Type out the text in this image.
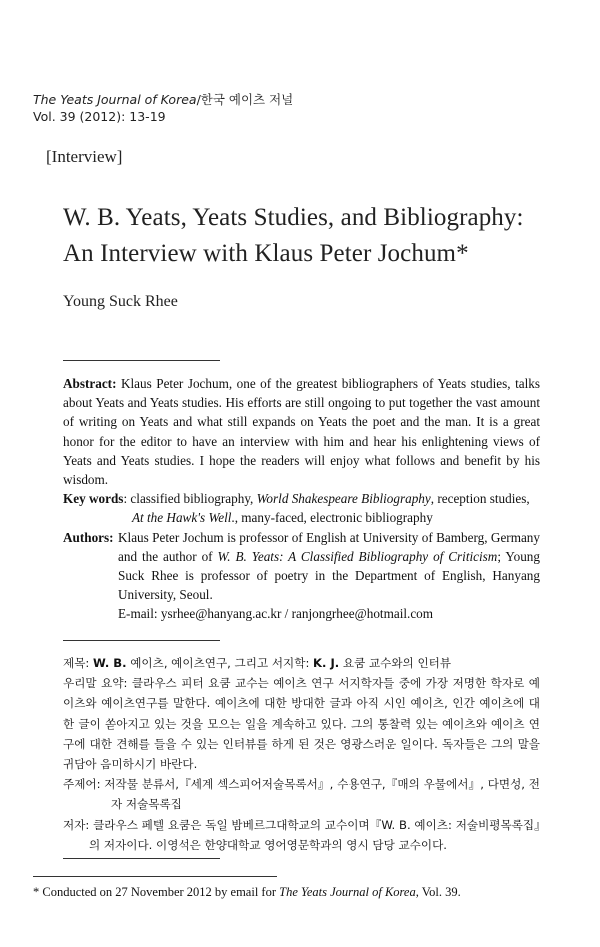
The Yeats Journal of Korea/한국 예이츠 저널
Vol. 39 (2012): 13-19
[Interview]
W. B. Yeats, Yeats Studies, and Bibliography:
An Interview with Klaus Peter Jochum*
Young Suck Rhee

Abstract: Klaus Peter Jochum, one of the greatest bibliographers of Yeats studies, talks about Yeats and Yeats studies. His efforts are still ongoing to put together the vast amount of writing on Yeats and what still expands on Yeats the poet and the man. It is a great honor for the editor to have an interview with him and hear his enlightening views of Yeats and Yeats studies. I hope the readers will enjoy what follows and benefit by his wisdom.

Key words: classified bibliography, World Shakespeare Bibliography, reception studies,

At the Hawk's Well., many-faced, electronic bibliography

Authors: Klaus Peter Jochum is professor of English at University of Bamberg, Germany and the author of W. B. Yeats: A Classified Bibliography of Criticism; Young Suck Rhee is professor of poetry in the Department of English, Hanyang University, Seoul.
E-mail: ysrhee@hanyang.ac.kr / ranjongrhee@hotmail.com

제목: W. B. 예이츠, 예이츠연구, 그리고 서지학: K. J. 요쿰 교수와의 인터뷰

우리말 요약: 클라우스 피터 요쿰 교수는 예이츠 연구 서지학자들 중에 가장 저명한 학자로 예이츠와 예이츠연구를 말한다. 예이츠에 대한 방대한 글과 아직 시인 예이츠, 인간 예이츠에 대한 글이 쏟아지고 있는 것을 모으는 일을 계속하고 있다. 그의 통찰력 있는 예이츠와 예이츠 연구에 대한 견해를 들을 수 있는 인터뷰를 하게 된 것은 영광스러운 일이다. 독자들은 그의 말을 귀담아 음미하시기 바란다.

주제어: 저작물 분류서,『세계 섹스피어저술목록서』, 수용연구,『매의 우물에서』, 다면성, 전자 저술목록집

저자: 클라우스 페텔 요쿰은 독일 밤베르그대학교의 교수이며『W. B. 예이츠: 저술비평목록집』의 저자이다. 이영석은 한양대학교 영어영문학과의 영시 담당 교수이다.

* Conducted on 27 November 2012 by email for The Yeats Journal of Korea, Vol. 39.
